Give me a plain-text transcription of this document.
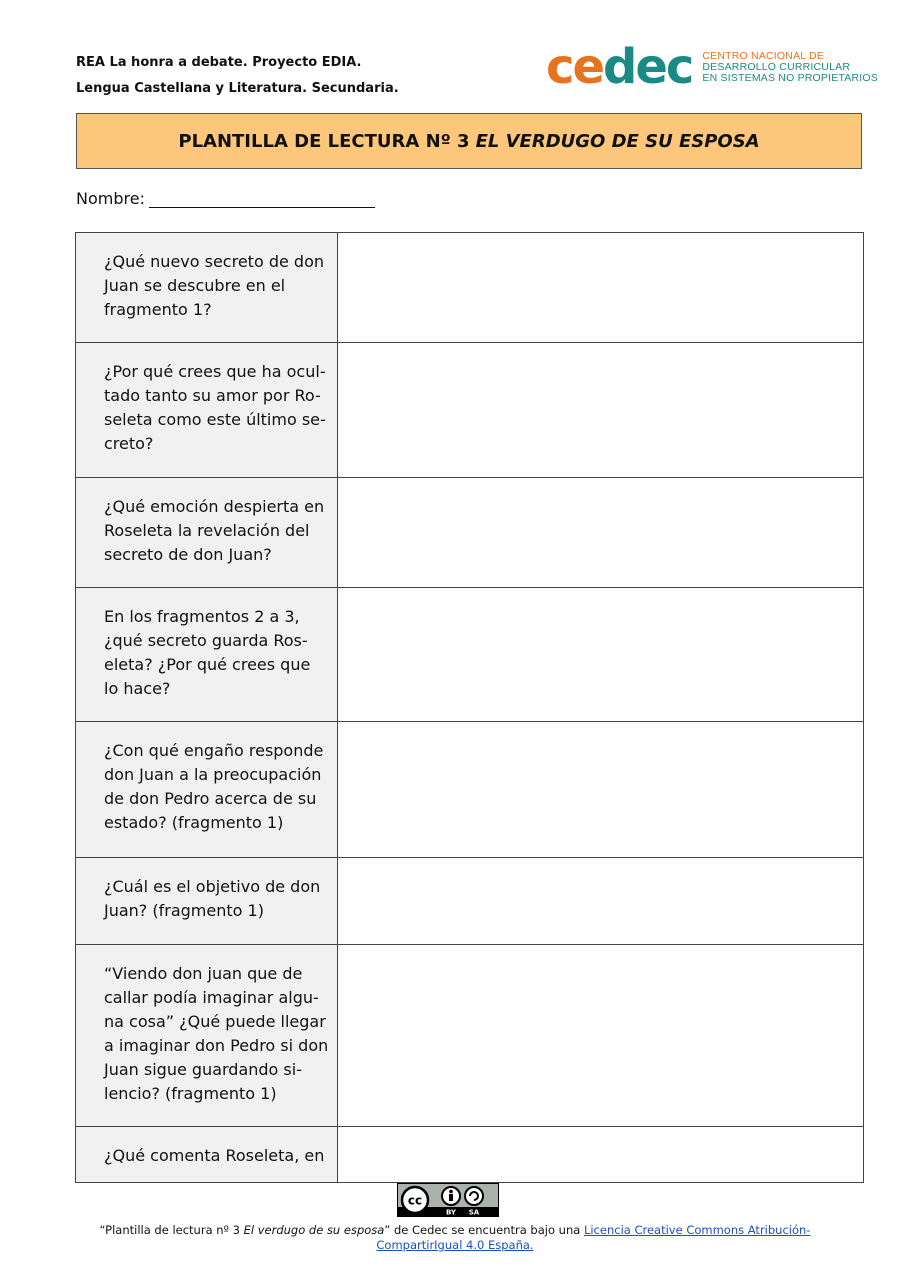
REA La honra a debate. Proyecto EDIA.
Lengua Castellana y Literatura. Secundaria.	cedec CENTRO NACIONAL DE
DESARROLLO CURRICULAR
EN SISTEMAS NO PROPIETARIOS
PLANTILLA DE LECTURA Nº 3 EL VERDUGO DE SU ESPOSA
Nombre:
¿Qué nuevo secreto de don Juan se descubre en el fragmento 1?	
¿Por qué crees que ha ocul-tado tanto su amor por Ro-seleta como este último se-creto?	
¿Qué emoción despierta en Roseleta la revelación del secreto de don Juan?	
En los fragmentos 2 a 3, ¿qué secreto guarda Ros-eleta? ¿Por qué crees que lo hace?	
¿Con qué engaño responde don Juan a la preocupación de don Pedro acerca de su estado? (fragmento 1)	
¿Cuál es el objetivo de don Juan? (fragmento 1)	
“Viendo don juan que de callar podía imaginar algu-na cosa” ¿Qué puede llegar a imaginar don Pedro si don Juan sigue guardando si-lencio? (fragmento 1)	
¿Qué comenta Roseleta, en	
cc
BY SA
“Plantilla de lectura nº 3 El verdugo de su esposa” de Cedec se encuentra bajo una Licencia Creative Commons Atribución-CompartirIgual 4.0 España.
